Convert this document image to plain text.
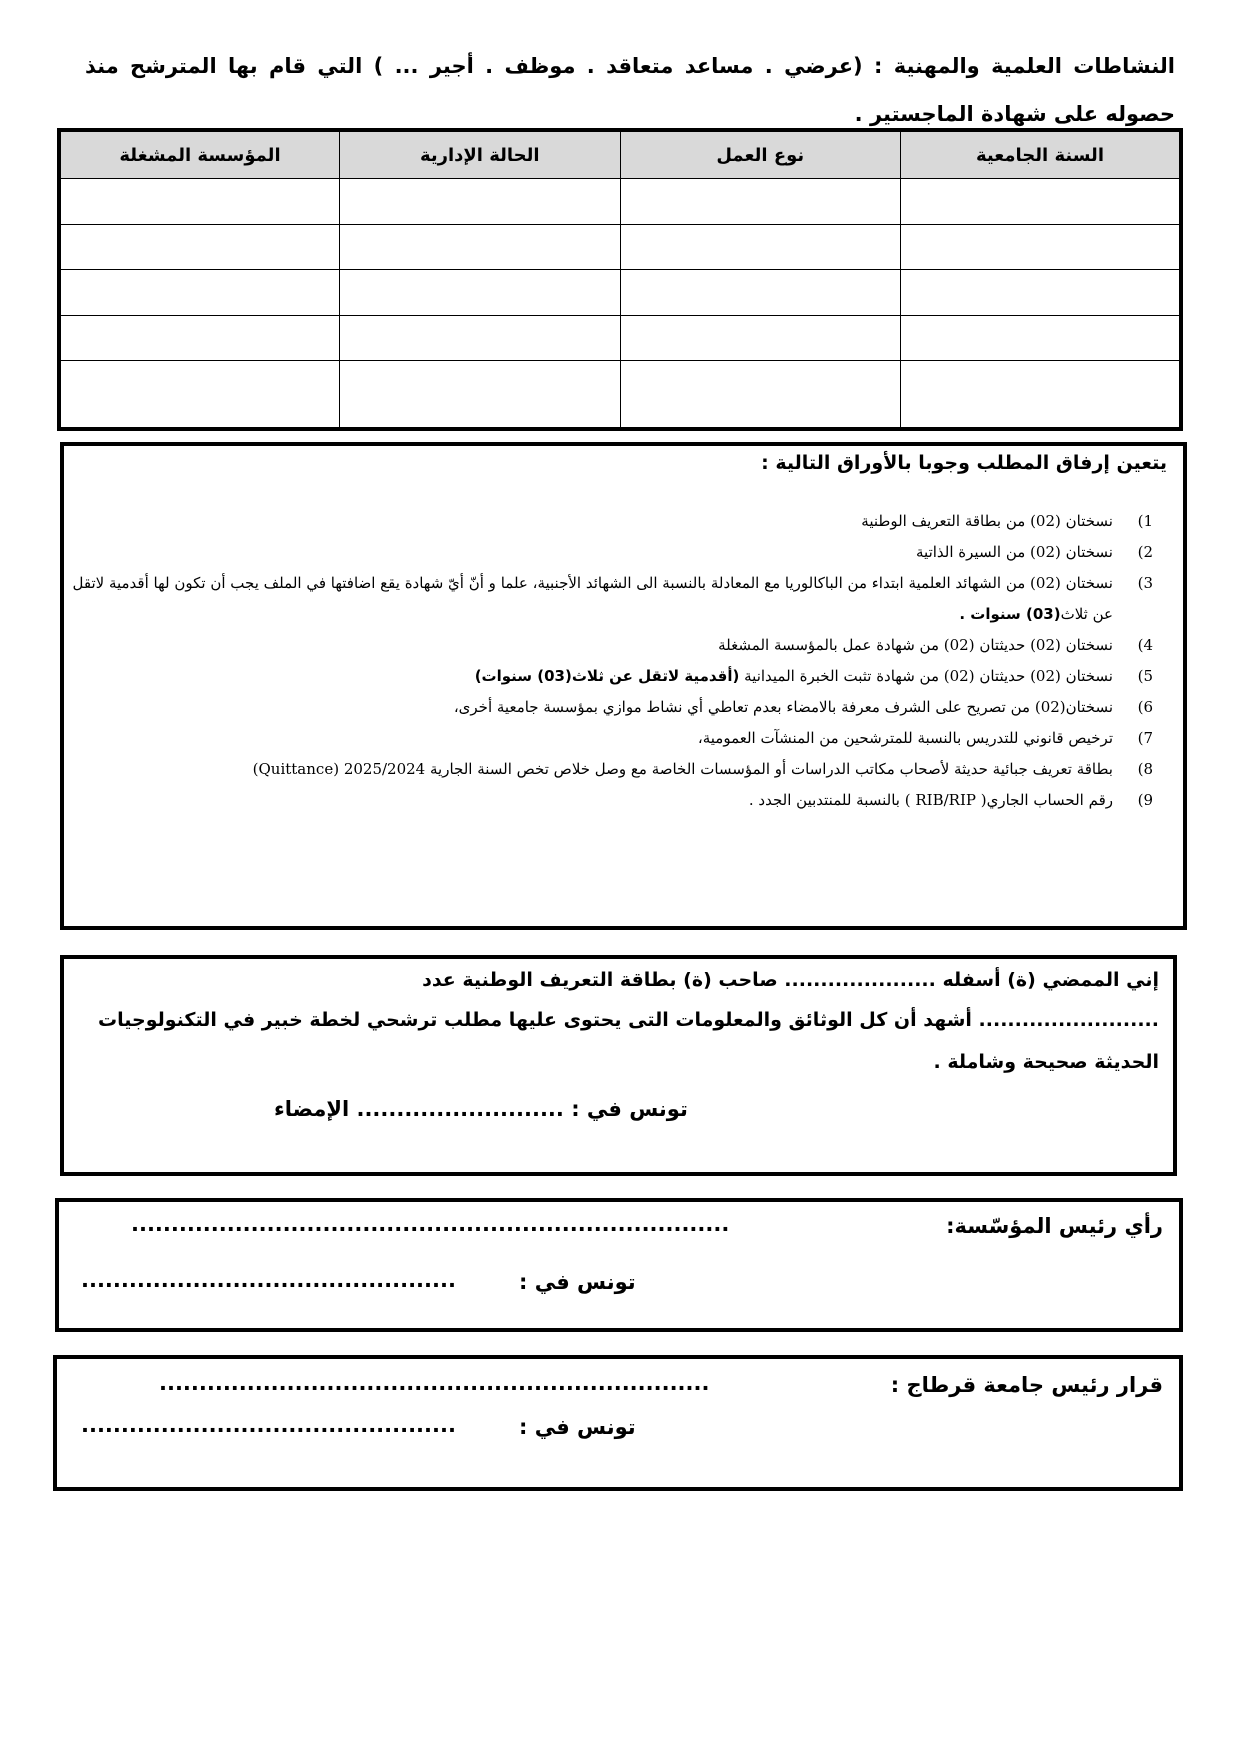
النشاطات العلمية والمهنية : (عرضي . مساعد متعاقد . موظف . أجير ... ) التي قام بها المترشح منذ حصوله على شهادة الماجستير .
السنة الجامعية	نوع العمل	الحالة الإدارية	المؤسسة المشغلة

يتعين إرفاق المطلب وجوبا بالأوراق التالية :
1)
نسختان (02) من بطاقة التعريف الوطنية
2)
نسختان (02) من السيرة الذاتية
3)
نسختان (02) من الشهائد العلمية ابتداء من الباكالوريا مع المعادلة بالنسبة الى الشهائد الأجنبية، علما و أنّ أيّ شهادة يقع اضافتها في الملف يجب أن تكون لها أقدمية لاتقل عن ثلاث(03) سنوات .
4)
نسختان (02) حديثتان (02) من شهادة عمل بالمؤسسة المشغلة
5)
نسختان (02) حديثتان (02) من شهادة تثبت الخبرة الميدانية (أقدمية لاتقل عن ثلاث(03) سنوات)
6)
نسختان(02) من تصريح على الشرف معرفة بالامضاء بعدم تعاطي أي نشاط موازي بمؤسسة جامعية أخرى،
7)
ترخيص قانوني للتدريس بالنسبة للمترشحين من المنشآت العمومية،
8)
بطاقة تعريف جبائية حديثة لأصحاب مكاتب الدراسات أو المؤسسات الخاصة مع وصل خلاص تخص السنة الجارية 2025/2024 (Quittance)
9)
رقم الحساب الجاري( RIB/RIP ) بالنسبة للمنتدبين الجدد .
إني الممضي (ة) أسفله ..................... صاحب (ة) بطاقة التعريف الوطنية عدد
......................... أشهد أن كل الوثائق والمعلومات التى يحتوى عليها مطلب ترشحي لخطة خبير في التكنولوجيات
الحديثة صحيحة وشاملة .
تونس في : .......................... الإمضاء
رأي رئيس المؤسّسة:
...........................................................................
تونس في :
...............................................
قرار رئيس جامعة قرطاج :
.....................................................................
تونس في :
...............................................
